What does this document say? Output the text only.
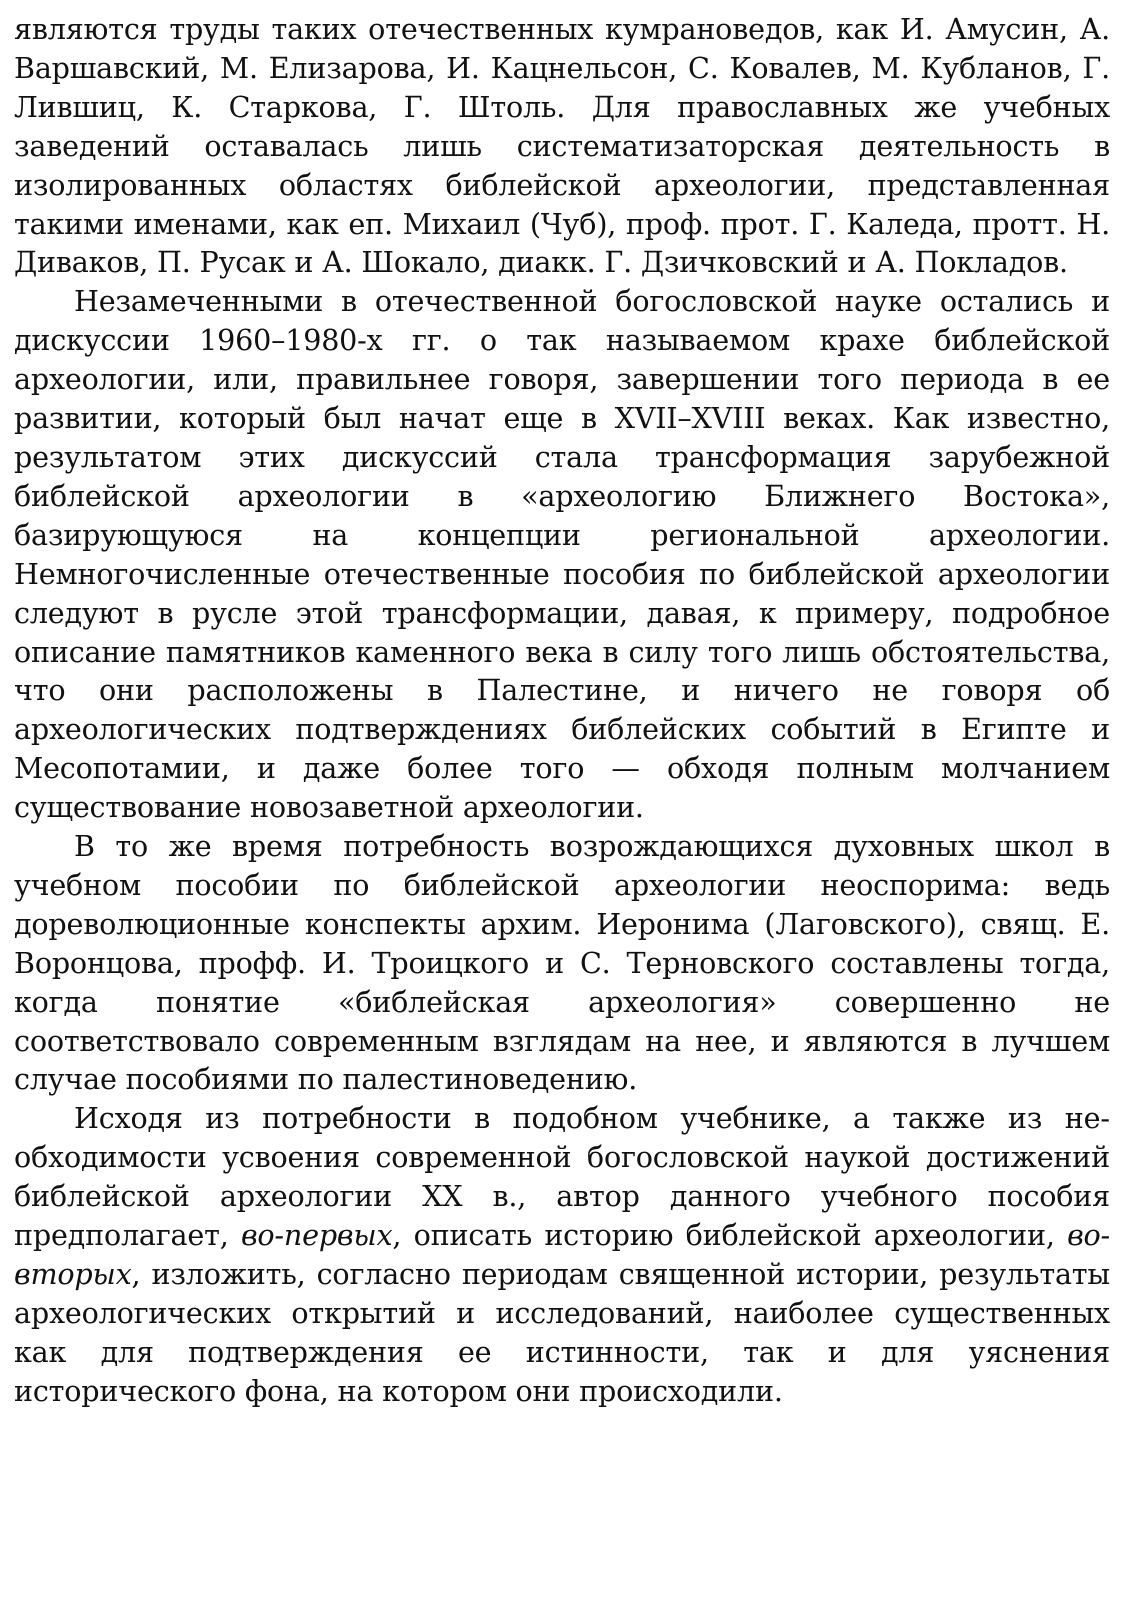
являются труды таких отечественных кумрановедов, как И. Амусин, А. Варшавский, М. Елизарова, И. Кацнельсон, С. Ковалев, М. Кубланов, Г. Лившиц, К. Старкова, Г. Штоль. Для православных же учебных заведений оставалась лишь систематизаторская деятельность в изолированных областях библейской археологии, представленная такими именами, как еп. Михаил (Чуб), проф. прот. Г. Каледа, протт. Н. Диваков, П. Русак и А. Шокало, диакк. Г. Дзичковский и А. Покладов.

Незамеченными в отечественной богословской науке остались и дискуссии 1960–1980-х гг. о так называемом крахе библейской археологии, или, правильнее говоря, завершении того периода в ее развитии, который был начат еще в XVII–XVIII веках. Как известно, результатом этих дискуссий стала трансформация зарубежной библейской археологии в «археологию Ближнего Востока», базирующуюся на концепции региональной археологии. Немногочисленные отечественные пособия по библейской археологии следуют в русле этой трансформации, давая, к примеру, подробное описание памятников каменного века в силу того лишь обстоятельства, что они расположены в Палестине, и ничего не говоря об археологических подтверждениях библейских событий в Египте и Месопотамии, и даже более того — обходя полным молчанием существование новозаветной археологии.

В то же время потребность возрождающихся духовных школ в учебном пособии по библейской археологии неоспорима: ведь дореволюционные конспекты архим. Иеронима (Лаговского), свящ. Е. Воронцова, профф. И. Троицкого и С. Терновского составлены тогда, когда понятие «библейская археология» совершенно не соответствовало современным взглядам на нее, и являются в лучшем случае пособиями по палестиноведению.

Исходя из потребности в подобном учебнике, а также из необходимости усвоения современной богословской наукой достижений библейской археологии XX в., автор данного учебного пособия предполагает, во-первых, описать историю библейской археологии, во-вторых, изложить, согласно периодам священной истории, результаты археологических открытий и исследований, наиболее существенных как для подтверждения ее истинности, так и для уяснения исторического фона, на котором они происходили.
